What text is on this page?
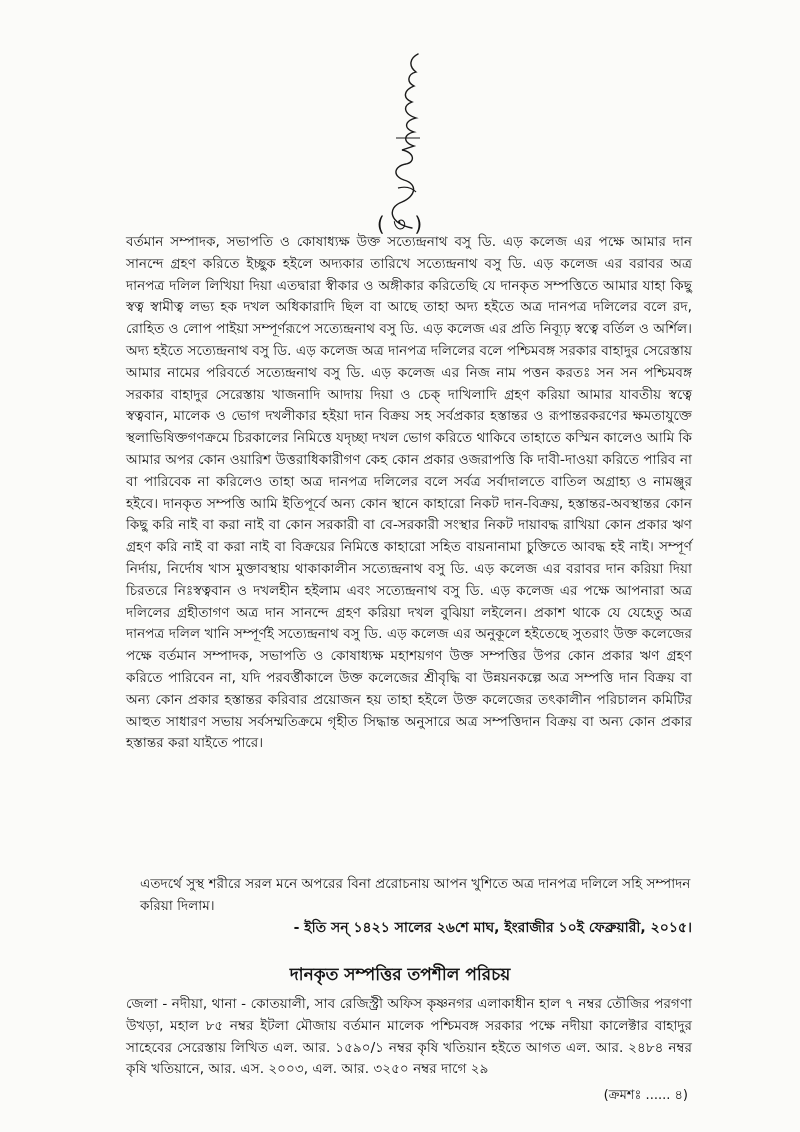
( ৩ )

বর্তমান সম্পাদক, সভাপতি ও কোষাধ্যক্ষ উক্ত সত্যেন্দ্রনাথ বসু ডি. এড় কলেজ এর পক্ষে আমার দান সানন্দে গ্রহণ করিতে ইচ্ছুক হইলে অদ্যকার তারিখে সত্যেন্দ্রনাথ বসু ডি. এড় কলেজ এর বরাবর অত্র দানপত্র দলিল লিখিয়া দিয়া এতদ্বারা স্বীকার ও অঙ্গীকার করিতেছি যে দানকৃত সম্পত্তিতে আমার যাহা কিছু স্বত্ব স্বামীত্ব লভ্য হক দখল অধিকারাদি ছিল বা আছে তাহা অদ্য হইতে অত্র দানপত্র দলিলের বলে রদ, রোহিত ও লোপ পাইয়া সম্পূর্ণরূপে সত্যেন্দ্রনাথ বসু ডি. এড় কলেজ এর প্রতি নিব্যূঢ় স্বত্বে বর্তিল ও অর্শিল। অদ্য হইতে সত্যেন্দ্রনাথ বসু ডি. এড় কলেজ অত্র দানপত্র দলিলের বলে পশ্চিমবঙ্গ সরকার বাহাদুর সেরেস্তায় আমার নামের পরিবর্তে সত্যেন্দ্রনাথ বসু ডি. এড় কলেজ এর নিজ নাম পত্তন করতঃ সন সন পশ্চিমবঙ্গ সরকার বাহাদুর সেরেস্তায় খাজনাদি আদায় দিয়া ও চেক্ দাখিলাদি গ্রহণ করিয়া আমার যাবতীয় স্বত্বে স্বত্ববান, মালেক ও ভোগ দখলীকার হইয়া দান বিক্রয় সহ সর্বপ্রকার হস্তান্তর ও রূপান্তরকরণের ক্ষমতাযুক্তে স্থলাভিষিক্তগণক্রমে চিরকালের নিমিত্তে যদৃচ্ছা দখল ভোগ করিতে থাকিবে তাহাতে কস্মিন কালেও আমি কি আমার অপর কোন ওয়ারিশ উত্তরাধিকারীগণ কেহ কোন প্রকার ওজরাপত্তি কি দাবী-দাওয়া করিতে পারিব না বা পারিবেক না করিলেও তাহা অত্র দানপত্র দলিলের বলে সর্বত্র সর্বাদালতে বাতিল অগ্রাহ্য ও নামঞ্জুর হইবে। দানকৃত সম্পত্তি আমি ইতিপূর্বে অন্য কোন স্থানে কাহারো নিকট দান-বিক্রয়, হস্তান্তর-অবস্থান্তর কোন কিছু করি নাই বা করা নাই বা কোন সরকারী বা বে-সরকারী সংস্থার নিকট দায়াবদ্ধ রাখিয়া কোন প্রকার ঋণ গ্রহণ করি নাই বা করা নাই বা বিক্রয়ের নিমিত্তে কাহারো সহিত বায়নানামা চুক্তিতে আবদ্ধ হই নাই। সম্পূর্ণ নির্দায়, নির্দোষ খাস মুক্তাবস্থায় থাকাকালীন সত্যেন্দ্রনাথ বসু ডি. এড় কলেজ এর বরাবর দান করিয়া দিয়া চিরতরে নিঃস্বত্ববান ও দখলহীন হইলাম এবং সত্যেন্দ্রনাথ বসু ডি. এড় কলেজ এর পক্ষে আপনারা অত্র দলিলের গ্রহীতাগণ অত্র দান সানন্দে গ্রহণ করিয়া দখল বুঝিয়া লইলেন। প্রকাশ থাকে যে যেহেতু অত্র দানপত্র দলিল খানি সম্পূর্ণই সত্যেন্দ্রনাথ বসু ডি. এড় কলেজ এর অনুকূলে হইতেছে সুতরাং উক্ত কলেজের পক্ষে বর্তমান সম্পাদক, সভাপতি ও কোষাধ্যক্ষ মহাশয়গণ উক্ত সম্পত্তির উপর কোন প্রকার ঋণ গ্রহণ করিতে পারিবেন না, যদি পরবর্ত্তীকালে উক্ত কলেজের শ্রীবৃদ্ধি বা উন্নয়নকল্পে অত্র সম্পত্তি দান বিক্রয় বা অন্য কোন প্রকার হস্তান্তর করিবার প্রয়োজন হয় তাহা হইলে উক্ত কলেজের তৎকালীন পরিচালন কমিটির আহুত সাধারণ সভায় সর্বসম্মতিক্রমে গৃহীত সিদ্ধান্ত অনুসারে অত্র সম্পত্তিদান বিক্রয় বা অন্য কোন প্রকার হস্তান্তর করা যাইতে পারে।

এতদর্থে সুস্থ শরীরে সরল মনে অপরের বিনা প্ররোচনায় আপন খুশিতে অত্র দানপত্র দলিলে সহি সম্পাদন করিয়া দিলাম।
- ইতি সন্ ১৪২১ সালের ২৬শে মাঘ, ইংরাজীর ১০ই ফেব্রুয়ারী, ২০১৫।
দানকৃত সম্পত্তির তপশীল পরিচয়
জেলা - নদীয়া, থানা - কোতয়ালী, সাব রেজিস্ট্রী অফিস কৃষ্ণনগর এলাকাধীন হাল ৭ নম্বর তৌজির পরগণা উখড়া, মহাল ৮৫ নম্বর ইটলা মৌজায় বর্তমান মালেক পশ্চিমবঙ্গ সরকার পক্ষে নদীয়া কালেক্টার বাহাদুর সাহেবের সেরেস্তায় লিখিত এল. আর. ১৫৯০/১ নম্বর কৃষি খতিয়ান হইতে আগত এল. আর. ২৪৮৪ নম্বর কৃষি খতিয়ানে, আর. এস. ২০০৩, এল. আর. ৩২৫০ নম্বর দাগে ২৯
(ক্রমশঃ ...... ৪)
